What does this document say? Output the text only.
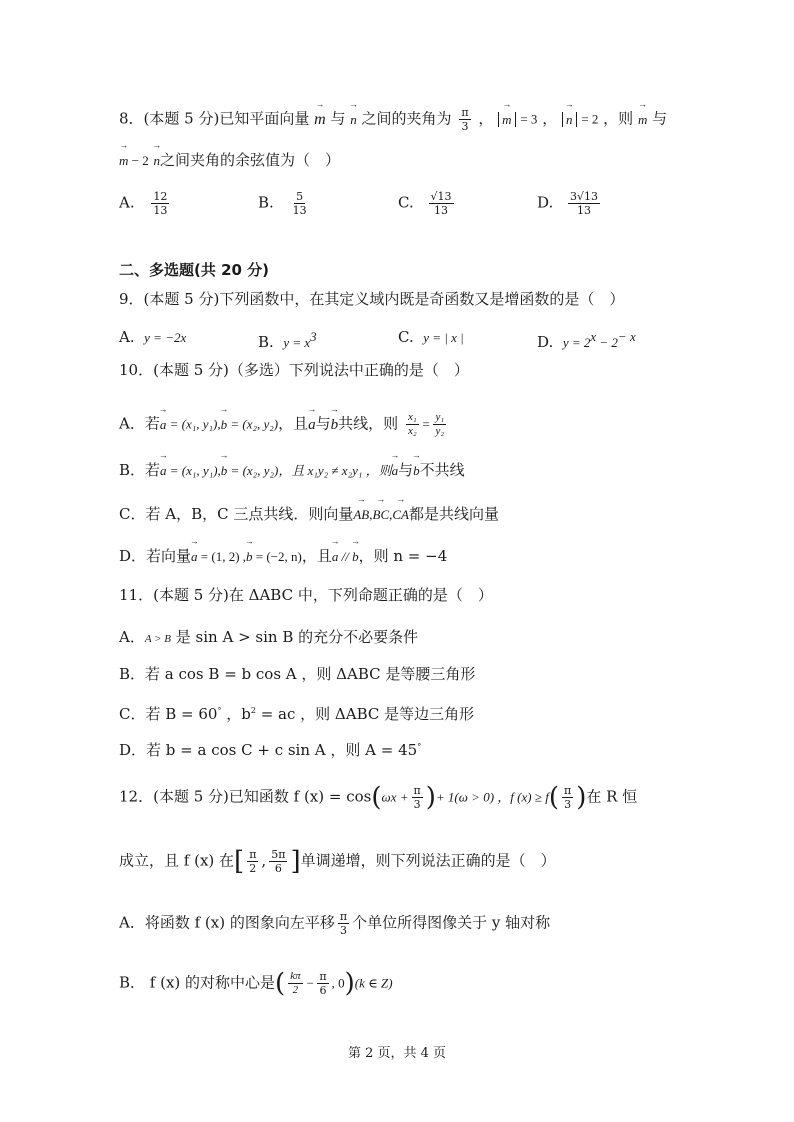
8．(本题 5 分)已知平面向量 → m 与 → n 之间的夹角为 $\frac{\pi}{3}$ ， → m = 3 ， → n = 2 ，则 → m 与
→ m − 2 → n之间夹角的余弦值为（　）
A. $\frac{12}{13}$	B. $\frac{5}{13}$	C. $\frac{√13}{13}$	D. $\frac{3√13}{13}$
二、多选题(共 20 分)
9．(本题 5 分)下列函数中，在其定义域内既是奇函数又是增函数的是（　）
A. y = −2x	B. $y = x^3$	C. y = | x |	D. $y = 2^x - 2^{- x}$
10．(本题 5 分)（多选）下列说法中正确的是（　）
A．若→ a = (x₁, y₁),→ b = (x₂, y₂)，且→ a与→ b共线，则 $\frac{\text{x₁}}{\text{x₂}} = \frac{\text{y₁}}{\text{y₂}}$
B．若→ a = (x₁, y₁),→ b = (x₂, y₂)，且 x₁y₂ ≠ x₂y₁ ，则→ a与→ b不共线
C．若 A，B，C 三点共线．则向量→ AB,→ BC,→ CA都是共线向量
D．若向量→ a = (1, 2) ,→ b = (−2, n)，且→ a // → b，则 n = −4
11．(本题 5 分)在 ΔABC 中，下列命题正确的是（　）
A．A > B 是 sin A > sin B 的充分不必要条件
B．若 a cos B = b cos A ，则 ΔABC 是等腰三角形
C．若 B = 60° ，$b^2$ = ac ，则 ΔABC 是等边三角形
D．若 b = a cos C + c sin A ，则 A = 45°
12．(本题 5 分)已知函数 f $(x) = \cos(\omega x + \frac{\pi}{3}$ )+ 1(ω > 0) ，f $(x) \ge f( \frac{\pi}{3}$ )在 R 恒
成立，且 f (x) 在[ $\frac{\pi}{2}$ , $\frac{5\pi}{6}$ ]单调递增，则下列说法正确的是（　）
A．将函数 f (x) 的图象向左平移 $\frac{\pi}{3}$ 个单位所得图像关于 y 轴对称
B． f (x) 的对称中心是( $\frac{k\pi}{2} - \frac{\pi}{6}$ , 0)(k ∈ Z)
第 2 页，共 4 页
